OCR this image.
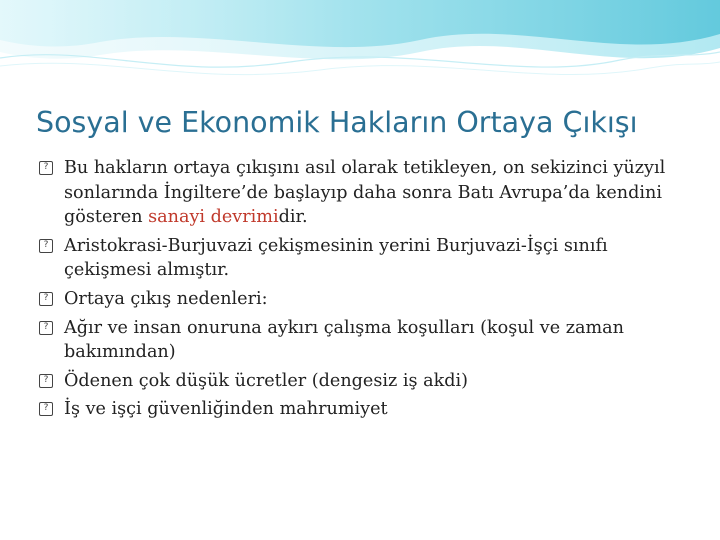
Sosyal ve Ekonomik Hakların Ortaya Çıkışı
? Bu hakların ortaya çıkışını asıl olarak tetikleyen, on sekizinci yüzyıl sonlarında İngiltere’de başlayıp daha sonra Batı Avrupa’da kendini gösteren sanayi devrimidir.
? Aristokrasi-Burjuvazi çekişmesinin yerini Burjuvazi-İşçi sınıfı çekişmesi almıştır.
? Ortaya çıkış nedenleri:
? Ağır ve insan onuruna aykırı çalışma koşulları (koşul ve zaman bakımından)
? Ödenen çok düşük ücretler (dengesiz iş akdi)
? İş ve işçi güvenliğinden mahrumiyet
